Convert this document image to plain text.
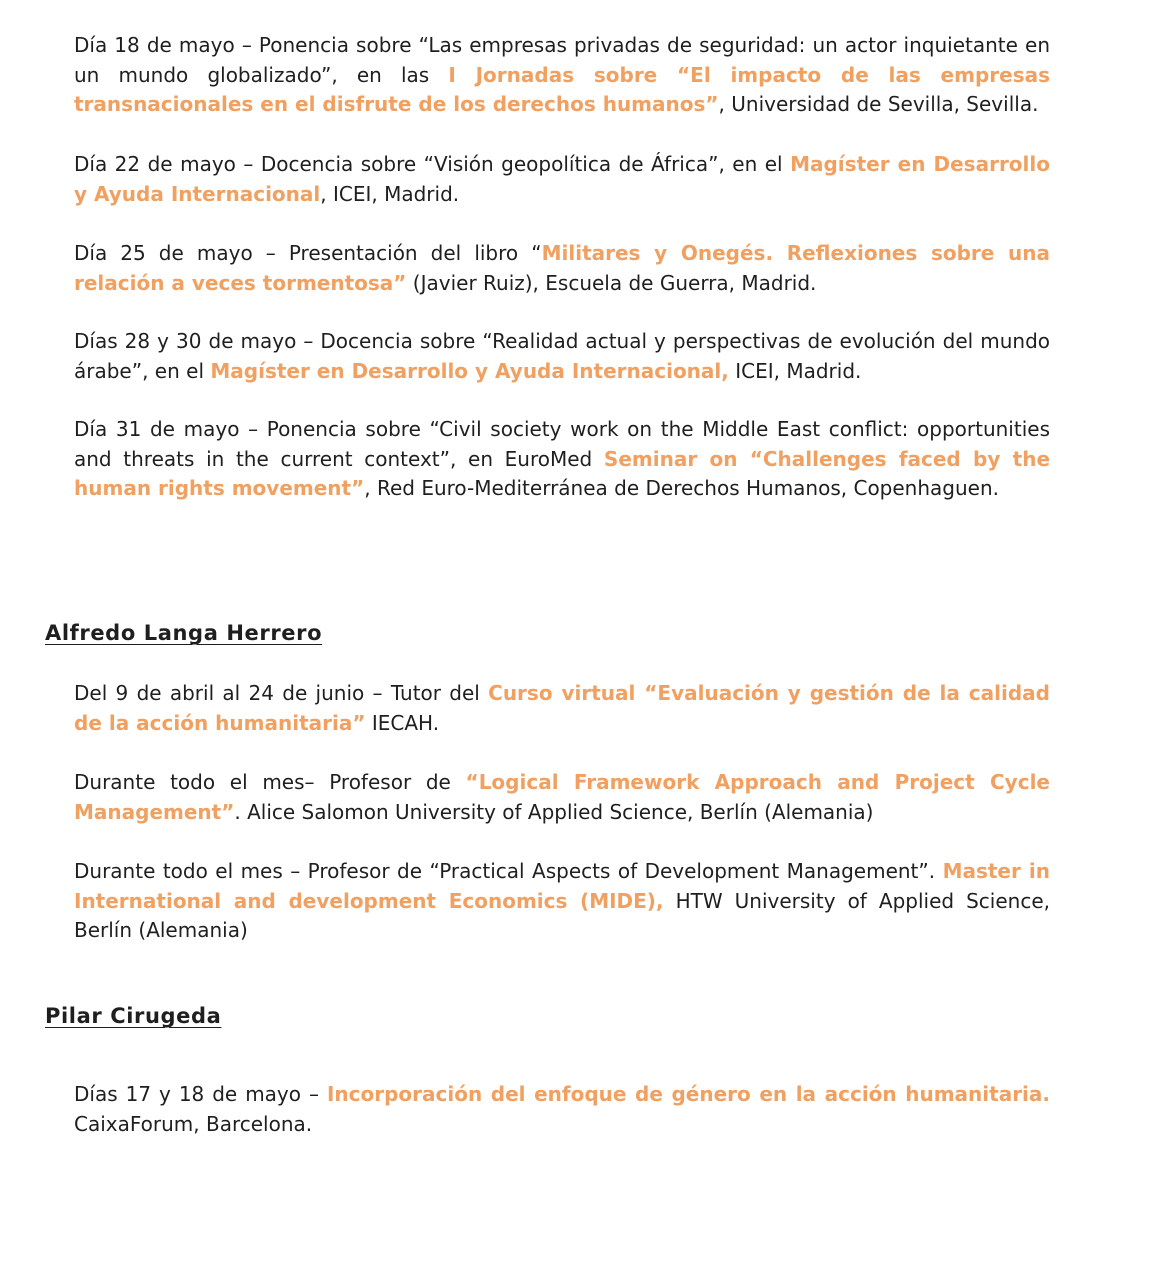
Día 18 de mayo – Ponencia sobre “Las empresas privadas de seguridad: un actor inquietante en un mundo globalizado”, en las I Jornadas sobre “El impacto de las empresas transnacionales en el disfrute de los derechos humanos”, Universidad de Sevilla, Sevilla.

Día 22 de mayo – Docencia sobre “Visión geopolítica de África”, en el Magíster en Desarrollo y Ayuda Internacional, ICEI, Madrid.

Día 25 de mayo – Presentación del libro “Militares y Onegés. Reflexiones sobre una relación a veces tormentosa” (Javier Ruiz), Escuela de Guerra, Madrid.

Días 28 y 30 de mayo – Docencia sobre “Realidad actual y perspectivas de evolución del mundo árabe”, en el Magíster en Desarrollo y Ayuda Internacional, ICEI, Madrid.

Día 31 de mayo – Ponencia sobre “Civil society work on the Middle East conflict: opportunities and threats in the current context”, en EuroMed Seminar on “Challenges faced by the human rights movement”, Red Euro-Mediterránea de Derechos Humanos, Copenhaguen.

Alfredo Langa Herrero

Del 9 de abril al 24 de junio – Tutor del Curso virtual “Evaluación y gestión de la calidad de la acción humanitaria” IECAH.

Durante todo el mes– Profesor de “Logical Framework Approach and Project Cycle Management”. Alice Salomon University of Applied Science, Berlín (Alemania)

Durante todo el mes – Profesor de “Practical Aspects of Development Management”. Master in International and development Economics (MIDE), HTW University of Applied Science, Berlín (Alemania)

Pilar Cirugeda

Días 17 y 18 de mayo – Incorporación del enfoque de género en la acción humanitaria. CaixaForum, Barcelona.
